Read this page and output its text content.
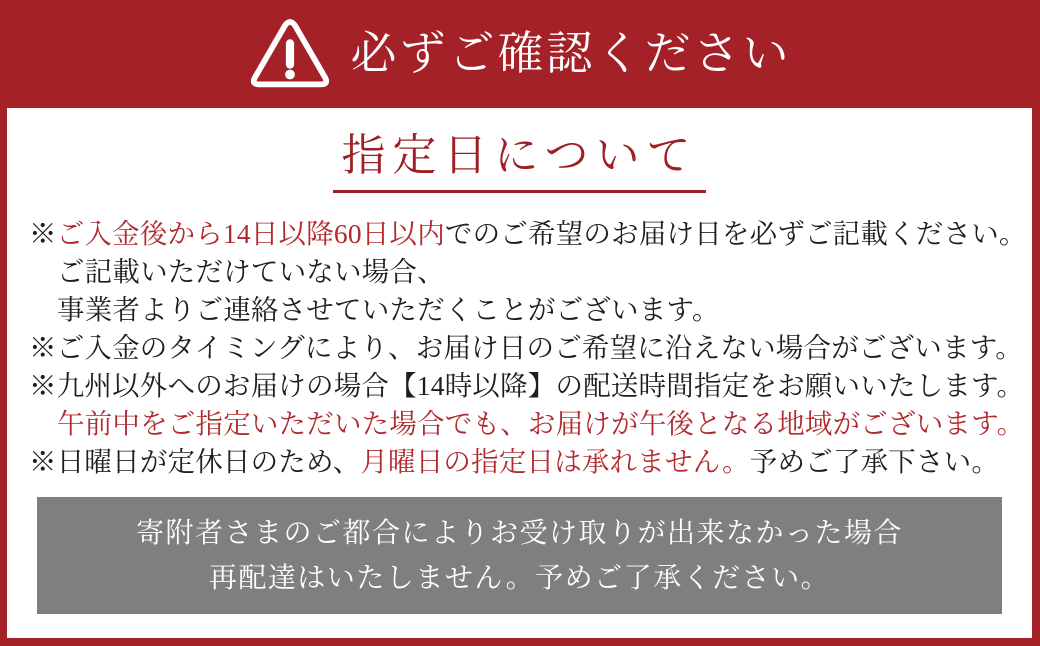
必ずご確認ください
指定日について
※ご入金後から14日以降60日以内でのご希望のお届け日を必ずご記載ください。
ご記載いただけていない場合、
事業者よりご連絡させていただくことがございます。
※ご入金のタイミングにより、お届け日のご希望に沿えない場合がございます。
※九州以外へのお届けの場合【14時以降】の配送時間指定をお願いいたします。
午前中をご指定いただいた場合でも、お届けが午後となる地域がございます。
※日曜日が定休日のため、月曜日の指定日は承れません。予めご了承下さい。
寄附者さまのご都合によりお受け取りが出来なかった場合
再配達はいたしません。予めご了承ください。
